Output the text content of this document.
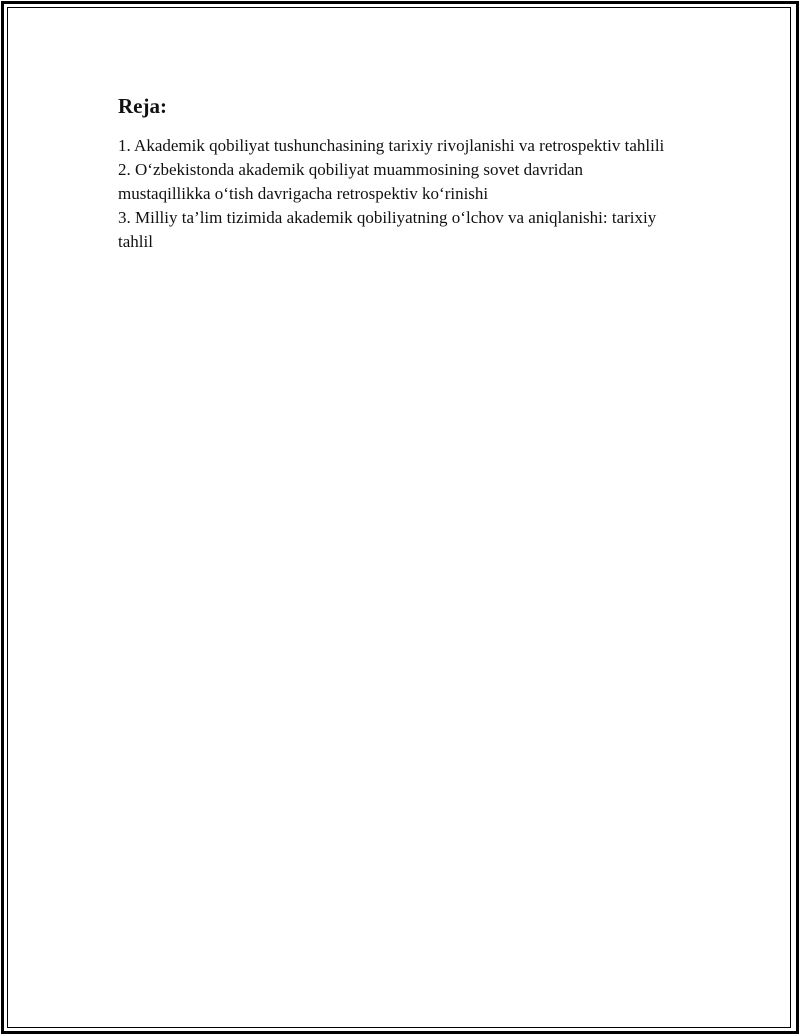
Reja:
1. Akademik qobiliyat tushunchasining tarixiy rivojlanishi va retrospektiv tahlili
2. O‘zbekistonda akademik qobiliyat muammosining sovet davridan mustaqillikka o‘tish davrigacha retrospektiv ko‘rinishi
3. Milliy ta’lim tizimida akademik qobiliyatning o‘lchov va aniqlanishi: tarixiy tahlil
